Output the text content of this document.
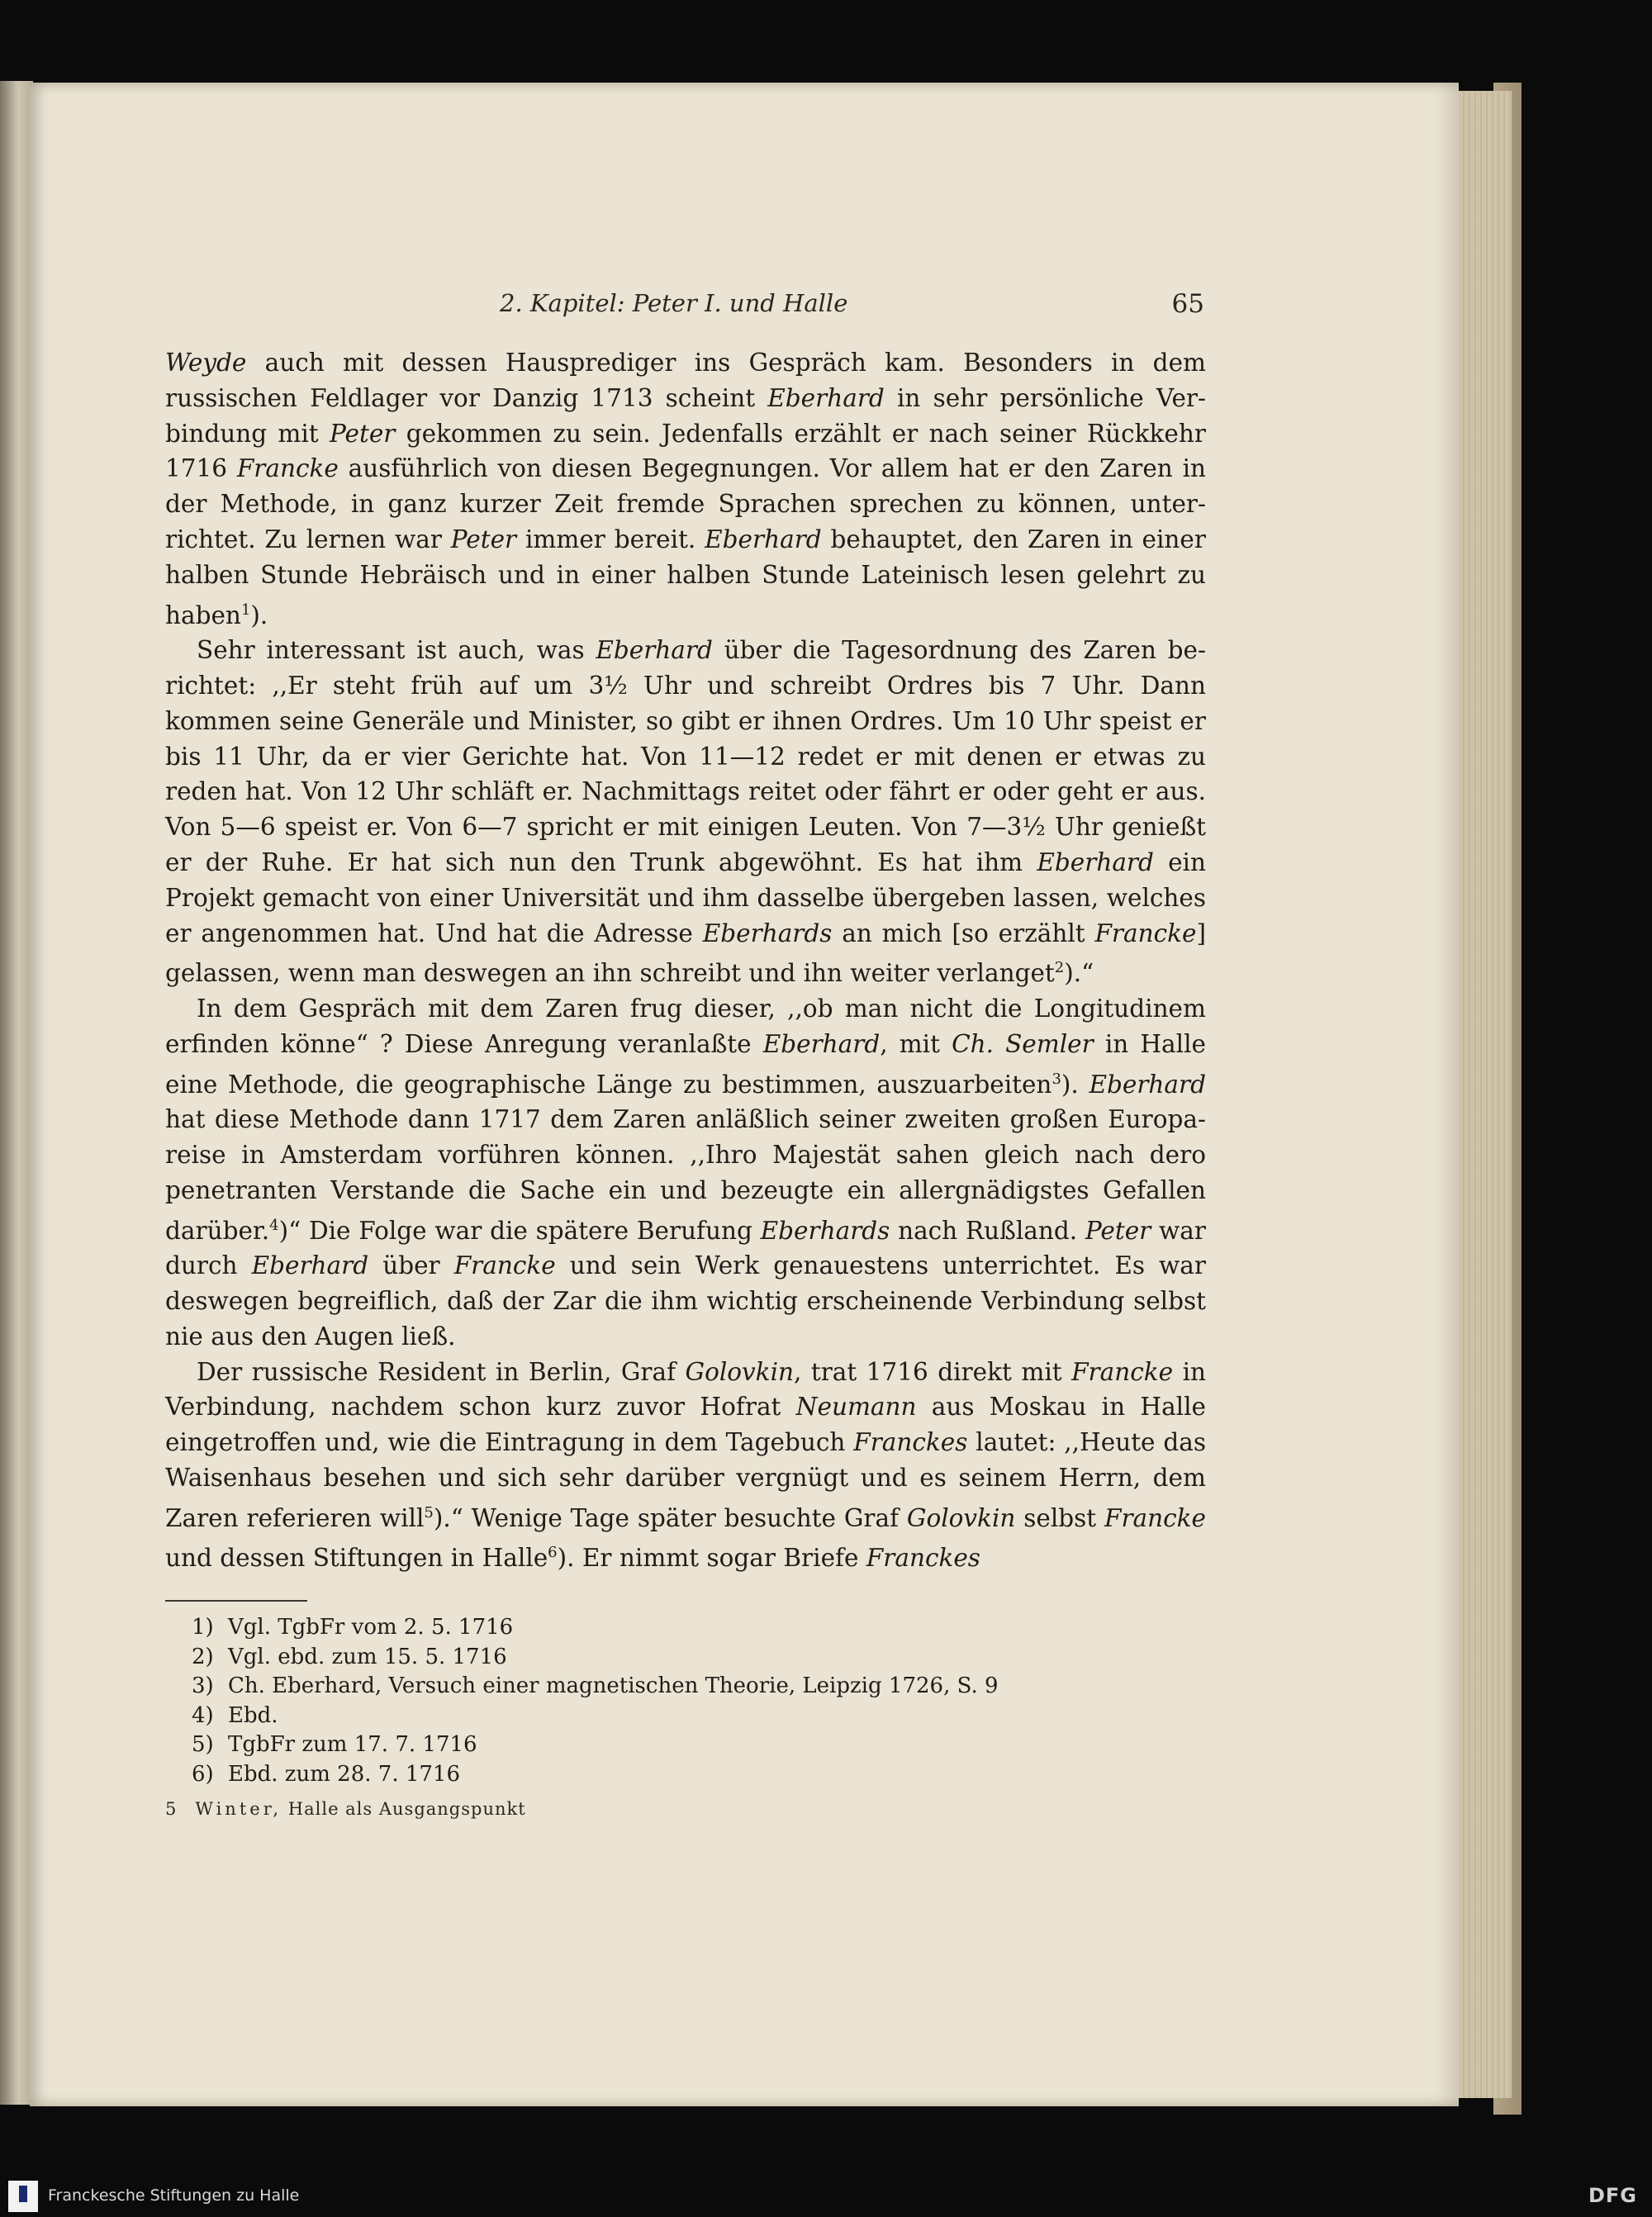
2. Kapitel: Peter I. und Halle	65

Weyde auch mit dessen Hausprediger ins Gespräch kam. Besonders in dem russischen Feldlager vor Danzig 1713 scheint Eberhard in sehr persönliche Verbindung mit Peter gekommen zu sein. Jedenfalls erzählt er nach seiner Rückkehr 1716 Francke ausführlich von diesen Begegnungen. Vor allem hat er den Zaren in der Methode, in ganz kurzer Zeit fremde Sprachen sprechen zu können, unterrichtet. Zu lernen war Peter immer bereit. Eberhard behauptet, den Zaren in einer halben Stunde Hebräisch und in einer halben Stunde Lateinisch lesen gelehrt zu haben$^1$).

Sehr interessant ist auch, was Eberhard über die Tagesordnung des Zaren berichtet: ,,Er steht früh auf um 3½ Uhr und schreibt Ordres bis 7 Uhr. Dann kommen seine Generäle und Minister, so gibt er ihnen Ordres. Um 10 Uhr speist er bis 11 Uhr, da er vier Gerichte hat. Von 11—12 redet er mit denen er etwas zu reden hat. Von 12 Uhr schläft er. Nachmittags reitet oder fährt er oder geht er aus. Von 5—6 speist er. Von 6—7 spricht er mit einigen Leuten. Von 7—3½ Uhr genießt er der Ruhe. Er hat sich nun den Trunk abgewöhnt. Es hat ihm Eberhard ein Projekt gemacht von einer Universität und ihm dasselbe übergeben lassen, welches er angenommen hat. Und hat die Adresse Eberhards an mich [so erzählt Francke] gelassen, wenn man deswegen an ihn schreibt und ihn weiter verlanget$^2$).“

In dem Gespräch mit dem Zaren frug dieser, ,,ob man nicht die Longitudinem erfinden könne“ ? Diese Anregung veranlaßte Eberhard, mit Ch. Semler in Halle eine Methode, die geographische Länge zu bestimmen, auszuarbeiten$^3$). Eberhard hat diese Methode dann 1717 dem Zaren anläßlich seiner zweiten großen Europareise in Amsterdam vorführen können. ,,Ihro Majestät sahen gleich nach dero penetranten Verstande die Sache ein und bezeugte ein allergnädigstes Gefallen darüber.$^4$)“ Die Folge war die spätere Berufung Eberhards nach Rußland. Peter war durch Eberhard über Francke und sein Werk genauestens unterrichtet. Es war deswegen begreiflich, daß der Zar die ihm wichtig erscheinende Verbindung selbst nie aus den Augen ließ.

Der russische Resident in Berlin, Graf Golovkin, trat 1716 direkt mit Francke in Verbindung, nachdem schon kurz zuvor Hofrat Neumann aus Moskau in Halle eingetroffen und, wie die Eintragung in dem Tagebuch Franckes lautet: ,,Heute das Waisenhaus besehen und sich sehr darüber vergnügt und es seinem Herrn, dem Zaren referieren will$^5$).“ Wenige Tage später besuchte Graf Golovkin selbst Francke und dessen Stiftungen in Halle$^6$). Er nimmt sogar Briefe Franckes

1) Vgl. TgbFr vom 2. 5. 1716
2) Vgl. ebd. zum 15. 5. 1716
3) Ch. Eberhard, Versuch einer magnetischen Theorie, Leipzig 1726, S. 9
4) Ebd.
5) TgbFr zum 17. 7. 1716
6) Ebd. zum 28. 7. 1716
5 Winter, Halle als Ausgangspunkt
Franckesche Stiftungen zu Halle	DFG
